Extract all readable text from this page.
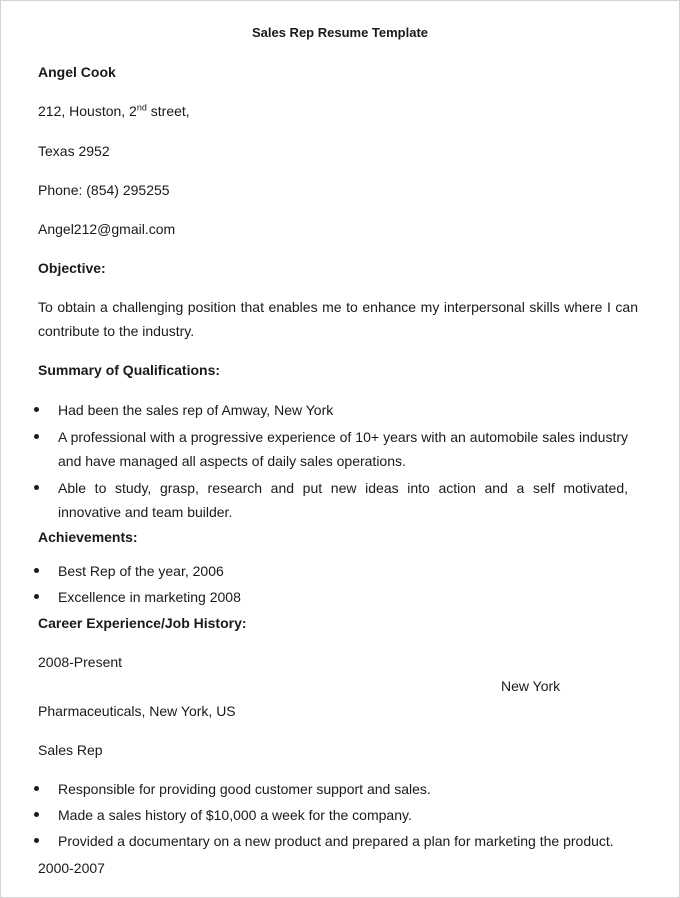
Sales Rep Resume Template
Angel Cook
212, Houston, 2nd street,
Texas 2952
Phone: (854) 295255
Angel212@gmail.com
Objective:
To obtain a challenging position that enables me to enhance my interpersonal skills where I can contribute to the industry.
Summary of Qualifications:
Had been the sales rep of Amway, New York
A professional with a progressive experience of 10+ years with an automobile sales industry and have managed all aspects of daily sales operations.
Able to study, grasp, research and put new ideas into action and a self motivated, innovative and team builder.
Achievements:
Best Rep of the year, 2006
Excellence in marketing 2008
Career Experience/Job History:
2008-Present
New York
Pharmaceuticals, New York, US
Sales Rep
Responsible for providing good customer support and sales.
Made a sales history of $10,000 a week for the company.
Provided a documentary on a new product and prepared a plan for marketing the product.
2000-2007
